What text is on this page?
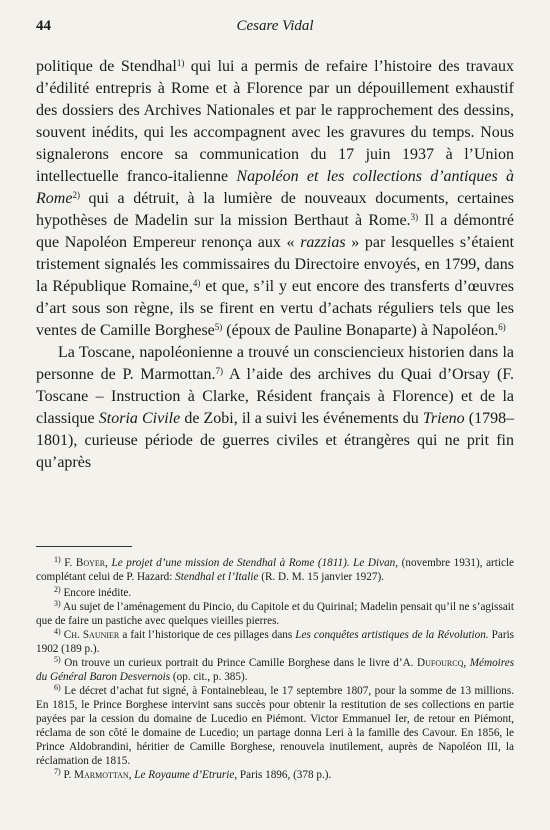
44	Cesare Vidal

politique de Stendhal$^{1)}$ qui lui a permis de refaire l’histoire des travaux d’édilité entrepris à Rome et à Florence par un dépouillement exhaustif des dossiers des Archives Nationales et par le rapprochement des dessins, souvent inédits, qui les accompagnent avec les gravures du temps. Nous signalerons encore sa communication du 17 juin 1937 à l’Union intellectuelle franco-italienne Napoléon et les collections d’antiques à Rome$^{2)}$ qui a détruit, à la lumière de nouveaux documents, certaines hypothèses de Madelin sur la mission Berthaut à Rome.$^{3)}$ Il a démontré que Napoléon Empereur renonça aux « razzias » par lesquelles s’étaient tristement signalés les commissaires du Directoire envoyés, en 1799, dans la République Romaine,$^{4)}$ et que, s’il y eut encore des transferts d’œuvres d’art sous son règne, ils se firent en vertu d’achats réguliers tels que les ventes de Camille Borghese$^{5)}$ (époux de Pauline Bonaparte) à Napoléon.$^{6)}$

La Toscane, napoléonienne a trouvé un consciencieux historien dans la personne de P. Marmottan.$^{7)}$ A l’aide des archives du Quai d’Orsay (F. Toscane – Instruction à Clarke, Résident français à Florence) et de la classique Storia Civile de Zobi, il a suivi les événements du Trieno (1798–1801), curieuse période de guerres civiles et étrangères qui ne prit fin qu’après

$^{1)}$ F. Boyer, Le projet d’une mission de Stendhal à Rome (1811). Le Divan, (novembre 1931), article complétant celui de P. Hazard: Stendhal et l’Italie (R. D. M. 15 janvier 1927).

$^{2)}$ Encore inédite.

$^{3)}$ Au sujet de l’aménagement du Pincio, du Capitole et du Quirinal; Madelin pensait qu’il ne s’agissait que de faire un pastiche avec quelques vieilles pierres.

$^{4)}$ Ch. Saunier a fait l’historique de ces pillages dans Les conquêtes artistiques de la Révolution. Paris 1902 (189 p.).

$^{5)}$ On trouve un curieux portrait du Prince Camille Borghese dans le livre d’A. Dufourcq, Mémoires du Général Baron Desvernois (op. cit., p. 385).

$^{6)}$ Le décret d’achat fut signé, à Fontainebleau, le 17 septembre 1807, pour la somme de 13 millions. En 1815, le Prince Borghese intervint sans succès pour obtenir la restitution de ses collections en partie payées par la cession du domaine de Lucedio en Piémont. Victor Emmanuel Ier, de retour en Piémont, réclama de son côté le domaine de Lucedio; un partage donna Leri à la famille des Cavour. En 1856, le Prince Aldobrandini, héritier de Camille Borghese, renouvela inutilement, auprès de Napoléon III, la réclamation de 1815.

$^{7)}$ P. Marmottan, Le Royaume d’Etrurie, Paris 1896, (378 p.).
